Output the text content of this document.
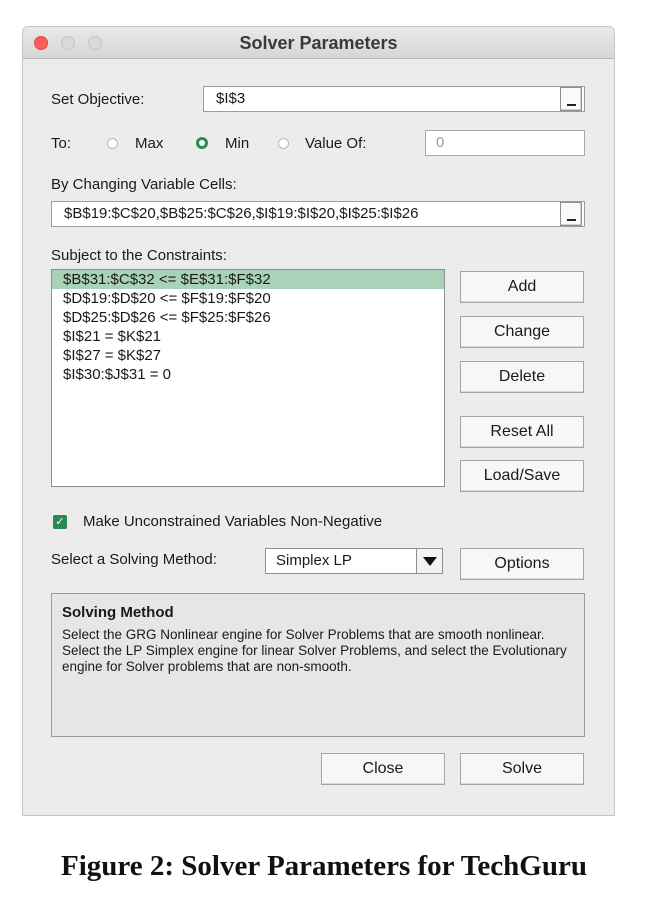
Solver Parameters
Set Objective:	$I$3
To:	Max	Min	Value Of:	0
By Changing Variable Cells:
$B$19:$C$20,$B$25:$C$26,$I$19:$I$20,$I$25:$I$26
Subject to the Constraints:
$B$31:$C$32 <= $E$31:$F$32
$D$19:$D$20 <= $F$19:$F$20
$D$25:$D$26 <= $F$25:$F$26
$I$21 = $K$21
$I$27 = $K$27
$I$30:$J$31 = 0
Add
Change
Delete
Reset All
Load/Save
✓ Make Unconstrained Variables Non-Negative
Select a Solving Method:	Simplex LP	Options
Solving Method
Select the GRG Nonlinear engine for Solver Problems that are smooth nonlinear. Select the LP Simplex engine for linear Solver Problems, and select the Evolutionary engine for Solver problems that are non-smooth.
Close	Solve
Figure 2: Solver Parameters for TechGuru
